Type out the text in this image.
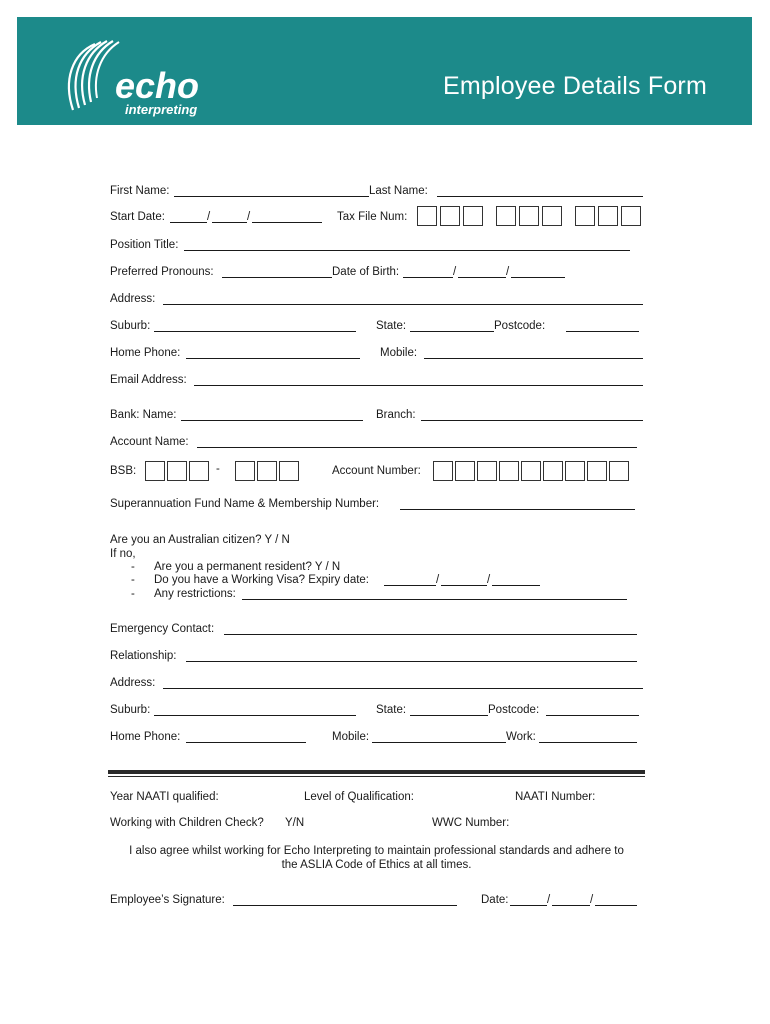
echo
interpreting
Employee Details Form
First Name:	Last Name:
Start Date:	/	/	Tax File Num:
Position Title:
Preferred Pronouns:	Date of Birth:	/	/
Address:
Suburb:	State:	Postcode:
Home Phone:	Mobile:
Email Address:
Bank: Name:	Branch:
Account Name:
BSB:	-	Account Number:
Superannuation Fund Name & Membership Number:
Are you an Australian citizen? Y / N
If no,
- Are you a permanent resident? Y / N
- Do you have a Working Visa? Expiry date:	/	/
- Any restrictions:
Emergency Contact:
Relationship:
Address:
Suburb:	State:	Postcode:
Home Phone:	Mobile:	Work:
Year NAATI qualified:	Level of Qualification:	NAATI Number:
Working with Children Check? Y/N	WWC Number:
I also agree whilst working for Echo Interpreting to maintain professional standards and adhere to
the ASLIA Code of Ethics at all times.
Employee’s Signature:	Date:	/	/
